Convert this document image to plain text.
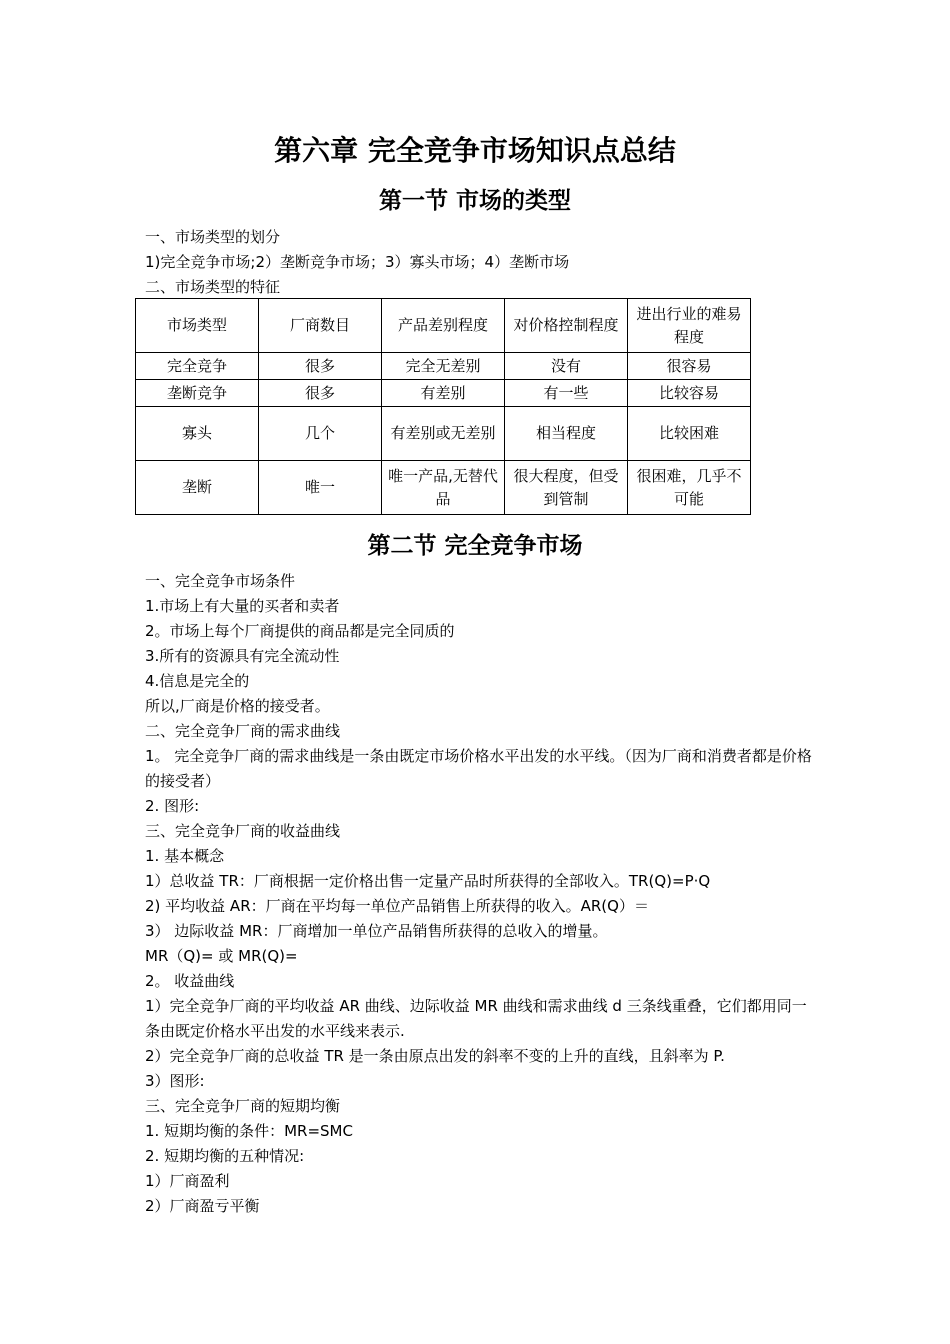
第六章 完全竞争市场知识点总结
第一节 市场的类型
一、市场类型的划分
1)完全竞争市场;2）垄断竞争市场；3）寡头市场；4）垄断市场
二、市场类型的特征
市场类型	厂商数目	产品差别程度	对价格控制程度	进出行业的难易程度
完全竞争	很多	完全无差别	没有	很容易
垄断竞争	很多	有差别	有一些	比较容易
寡头	几个	有差别或无差别	相当程度	比较困难
垄断	唯一	唯一产品,无替代品	很大程度，但受到管制	很困难，几乎不可能
第二节 完全竞争市场
一、完全竞争市场条件
1.市场上有大量的买者和卖者
2。市场上每个厂商提供的商品都是完全同质的
3.所有的资源具有完全流动性
4.信息是完全的
所以,厂商是价格的接受者。
二、完全竞争厂商的需求曲线
1。 完全竞争厂商的需求曲线是一条由既定市场价格水平出发的水平线。（因为厂商和消费者都是价格的接受者）
2. 图形:
三、完全竞争厂商的收益曲线
1. 基本概念
1）总收益 TR：厂商根据一定价格出售一定量产品时所获得的全部收入。TR(Q)=P·Q
2) 平均收益 AR：厂商在平均每一单位产品销售上所获得的收入。AR(Q）＝
3） 边际收益 MR：厂商增加一单位产品销售所获得的总收入的增量。
MR（Q)= 或 MR(Q)=
2。 收益曲线
1）完全竞争厂商的平均收益 AR 曲线、边际收益 MR 曲线和需求曲线 d 三条线重叠，它们都用同一条由既定价格水平出发的水平线来表示.
2）完全竞争厂商的总收益 TR 是一条由原点出发的斜率不变的上升的直线，且斜率为 P.
3）图形:
三、完全竞争厂商的短期均衡
1. 短期均衡的条件：MR=SMC
2. 短期均衡的五种情况:
1）厂商盈利
2）厂商盈亏平衡
